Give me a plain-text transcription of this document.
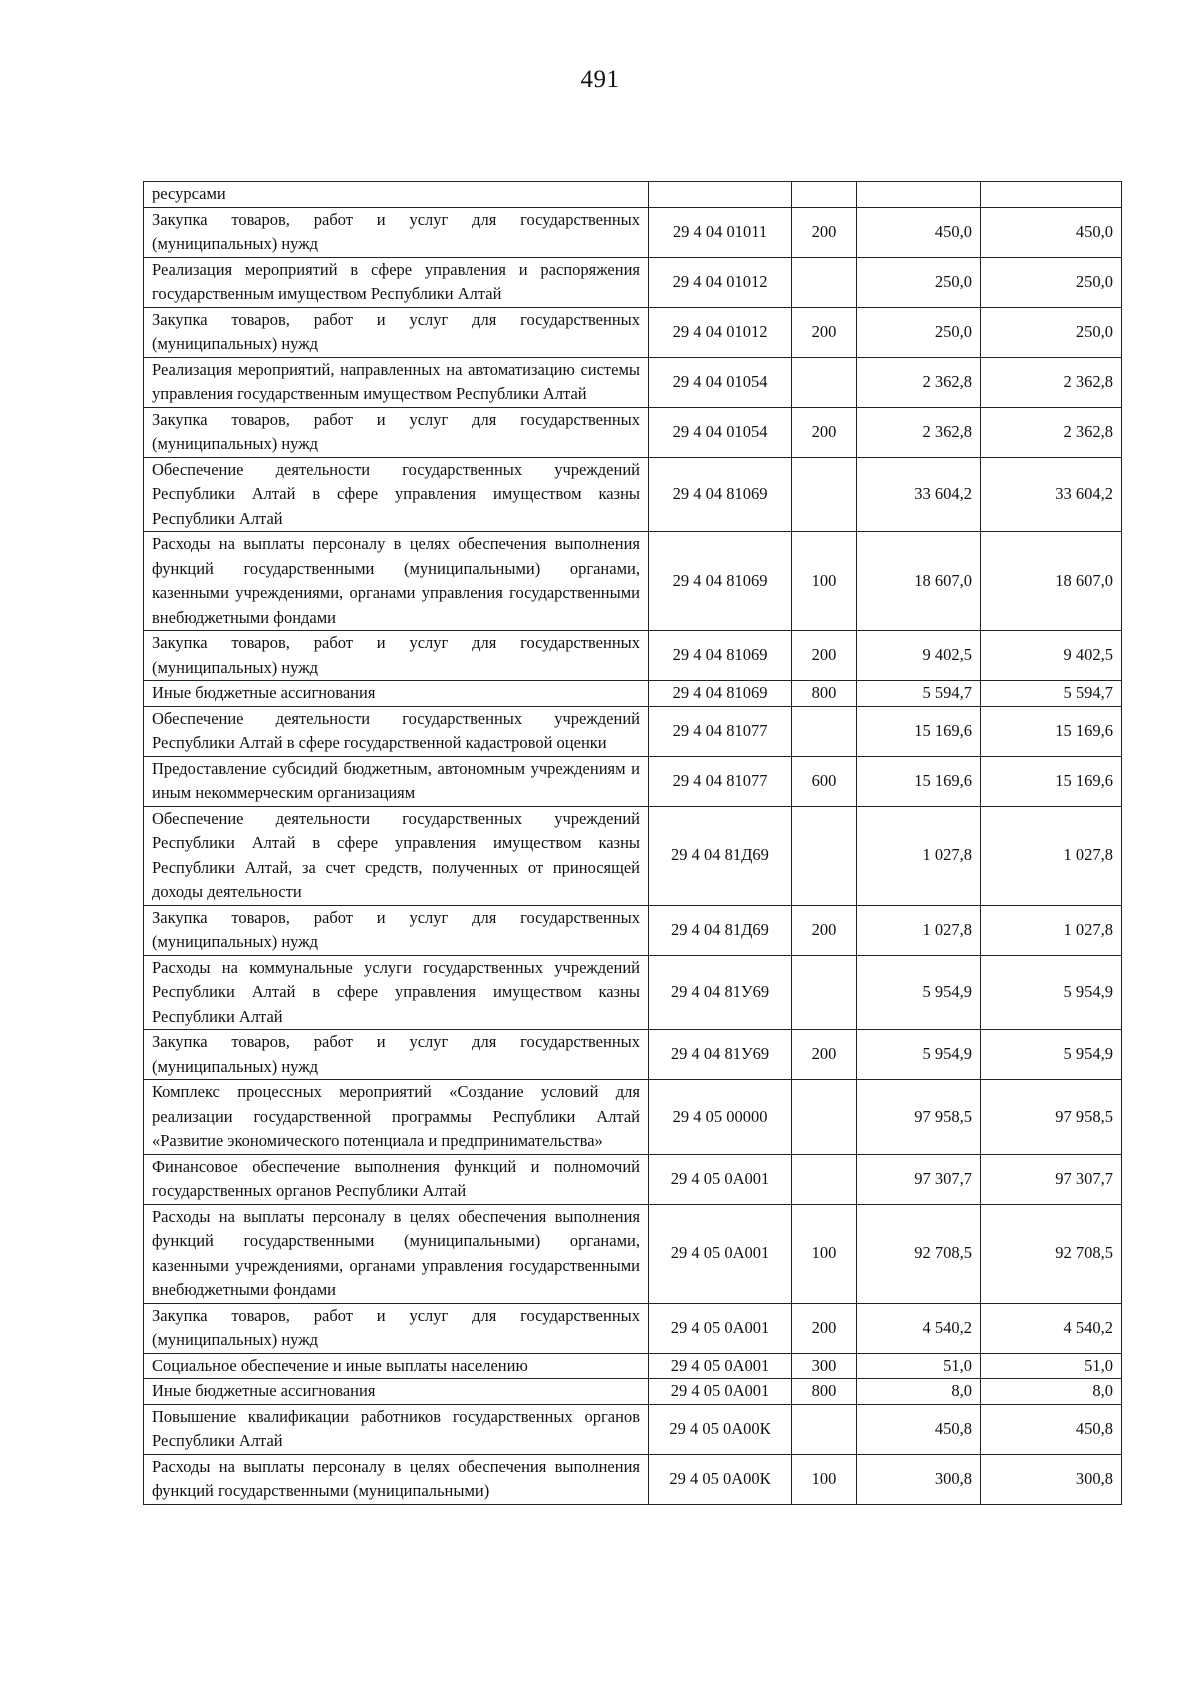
491
ресурсами				
Закупка товаров, работ и услуг для государственных (муниципальных) нужд	29 4 04 01011	200	450,0	450,0
Реализация мероприятий в сфере управления и распоряжения государственным имуществом Республики Алтай	29 4 04 01012		250,0	250,0
Закупка товаров, работ и услуг для государственных (муниципальных) нужд	29 4 04 01012	200	250,0	250,0
Реализация мероприятий, направленных на автоматизацию системы управления государственным имуществом Республики Алтай	29 4 04 01054		2 362,8	2 362,8
Закупка товаров, работ и услуг для государственных (муниципальных) нужд	29 4 04 01054	200	2 362,8	2 362,8
Обеспечение деятельности государственных учреждений Республики Алтай в сфере управления имуществом казны Республики Алтай	29 4 04 81069		33 604,2	33 604,2
Расходы на выплаты персоналу в целях обеспечения выполнения функций государственными (муниципальными) органами, казенными учреждениями, органами управления государственными внебюджетными фондами	29 4 04 81069	100	18 607,0	18 607,0
Закупка товаров, работ и услуг для государственных (муниципальных) нужд	29 4 04 81069	200	9 402,5	9 402,5
Иные бюджетные ассигнования	29 4 04 81069	800	5 594,7	5 594,7
Обеспечение деятельности государственных учреждений Республики Алтай в сфере государственной кадастровой оценки	29 4 04 81077		15 169,6	15 169,6
Предоставление субсидий бюджетным, автономным учреждениям и иным некоммерческим организациям	29 4 04 81077	600	15 169,6	15 169,6
Обеспечение деятельности государственных учреждений Республики Алтай в сфере управления имуществом казны Республики Алтай, за счет средств, полученных от приносящей доходы деятельности	29 4 04 81Д69		1 027,8	1 027,8
Закупка товаров, работ и услуг для государственных (муниципальных) нужд	29 4 04 81Д69	200	1 027,8	1 027,8
Расходы на коммунальные услуги государственных учреждений Республики Алтай в сфере управления имуществом казны Республики Алтай	29 4 04 81У69		5 954,9	5 954,9
Закупка товаров, работ и услуг для государственных (муниципальных) нужд	29 4 04 81У69	200	5 954,9	5 954,9
Комплекс процессных мероприятий «Создание условий для реализации государственной программы Республики Алтай «Развитие экономического потенциала и предпринимательства»	29 4 05 00000		97 958,5	97 958,5
Финансовое обеспечение выполнения функций и полномочий государственных органов Республики Алтай	29 4 05 0А001		97 307,7	97 307,7
Расходы на выплаты персоналу в целях обеспечения выполнения функций государственными (муниципальными) органами, казенными учреждениями, органами управления государственными внебюджетными фондами	29 4 05 0А001	100	92 708,5	92 708,5
Закупка товаров, работ и услуг для государственных (муниципальных) нужд	29 4 05 0А001	200	4 540,2	4 540,2
Социальное обеспечение и иные выплаты населению	29 4 05 0А001	300	51,0	51,0
Иные бюджетные ассигнования	29 4 05 0А001	800	8,0	8,0
Повышение квалификации работников государственных органов Республики Алтай	29 4 05 0А00К		450,8	450,8
Расходы на выплаты персоналу в целях обеспечения выполнения функций государственными (муниципальными)	29 4 05 0А00К	100	300,8	300,8
